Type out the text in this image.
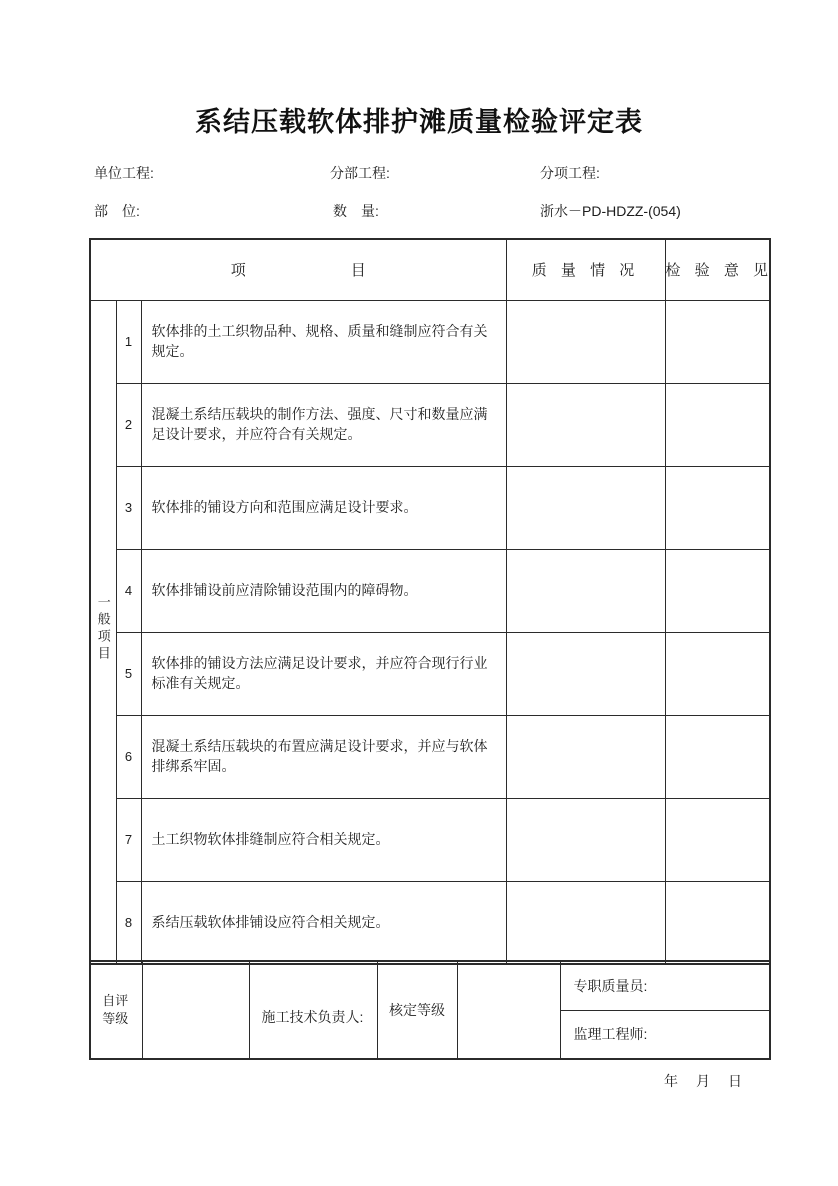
系结压载软体排护滩质量检验评定表
单位工程:	分部工程:	分项工程:
部　位:	数　量:	浙水－PD-HDZZ-(054)
项　　　　　　　目			质 量 情 况	检 验 意 见
一般项目	1	软体排的土工织物品种、规格、质量和缝制应符合有关规定。		
	2	混凝土系结压载块的制作方法、强度、尺寸和数量应满足设计要求，并应符合有关规定。		
	3	软体排的铺设方向和范围应满足设计要求。		
	4	软体排铺设前应清除铺设范围内的障碍物。		
	5	软体排的铺设方法应满足设计要求，并应符合现行行业标准有关规定。		
	6	混凝土系结压载块的布置应满足设计要求，并应与软体排绑系牢固。		
	7	土工织物软体排缝制应符合相关规定。		
	8	系结压载软体排铺设应符合相关规定。		
自评等级		施工技术负责人:	核定等级		专职质量员:
监理工程师:
年　月　日
